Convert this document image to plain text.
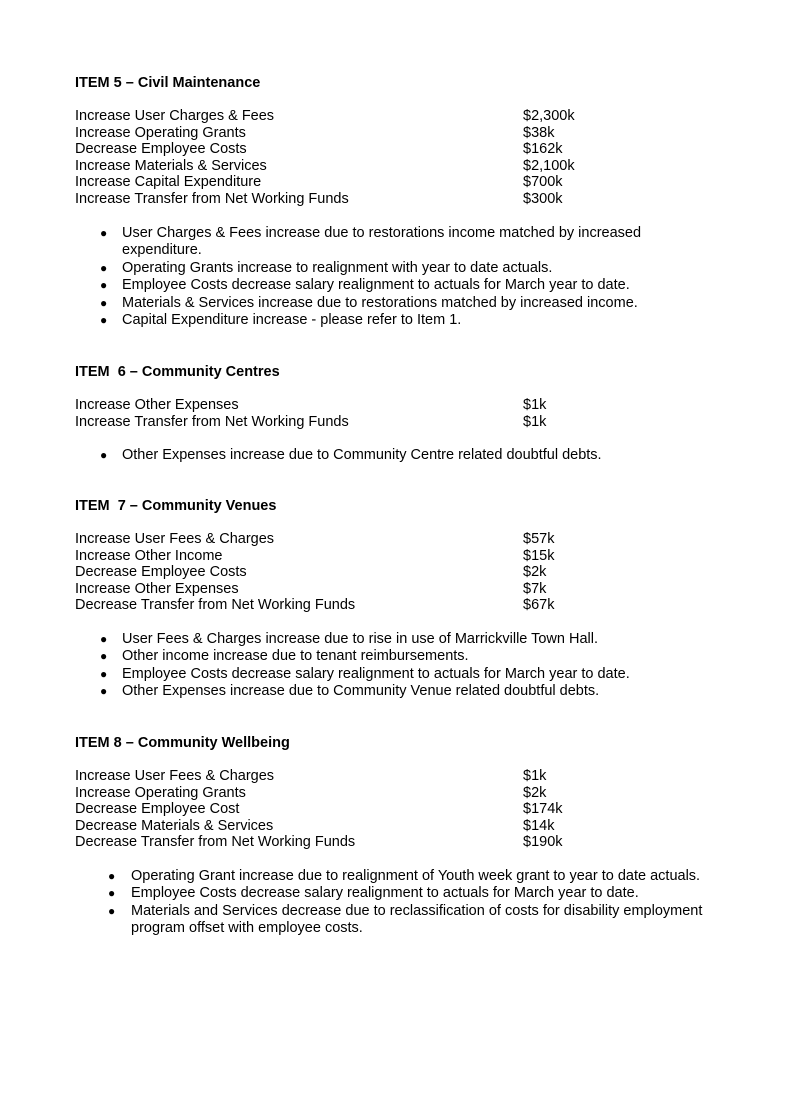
ITEM 5 – Civil Maintenance
Increase User Charges & Fees	$2,300k
Increase Operating Grants	$38k
Decrease Employee Costs	$162k
Increase Materials & Services	$2,100k
Increase Capital Expenditure	$700k
Increase Transfer from Net Working Funds	$300k
● User Charges & Fees increase due to restorations income matched by increased expenditure.
● Operating Grants increase to realignment with year to date actuals.
● Employee Costs decrease salary realignment to actuals for March year to date.
● Materials & Services increase due to restorations matched by increased income.
● Capital Expenditure increase - please refer to Item 1.
ITEM  6 – Community Centres
Increase Other Expenses	$1k
Increase Transfer from Net Working Funds	$1k
● Other Expenses increase due to Community Centre related doubtful debts.
ITEM  7 – Community Venues
Increase User Fees & Charges	$57k
Increase Other Income	$15k
Decrease Employee Costs	$2k
Increase Other Expenses	$7k
Decrease Transfer from Net Working Funds	$67k
● User Fees & Charges increase due to rise in use of Marrickville Town Hall.
● Other income increase due to tenant reimbursements.
● Employee Costs decrease salary realignment to actuals for March year to date.
● Other Expenses increase due to Community Venue related doubtful debts.
ITEM 8 – Community Wellbeing
Increase User Fees & Charges	$1k
Increase Operating Grants	$2k
Decrease Employee Cost	$174k
Decrease Materials & Services	$14k
Decrease Transfer from Net Working Funds	$190k
● Operating Grant increase due to realignment of Youth week grant to year to date actuals.
● Employee Costs decrease salary realignment to actuals for March year to date.
● Materials and Services decrease due to reclassification of costs for disability employment program offset with employee costs.
